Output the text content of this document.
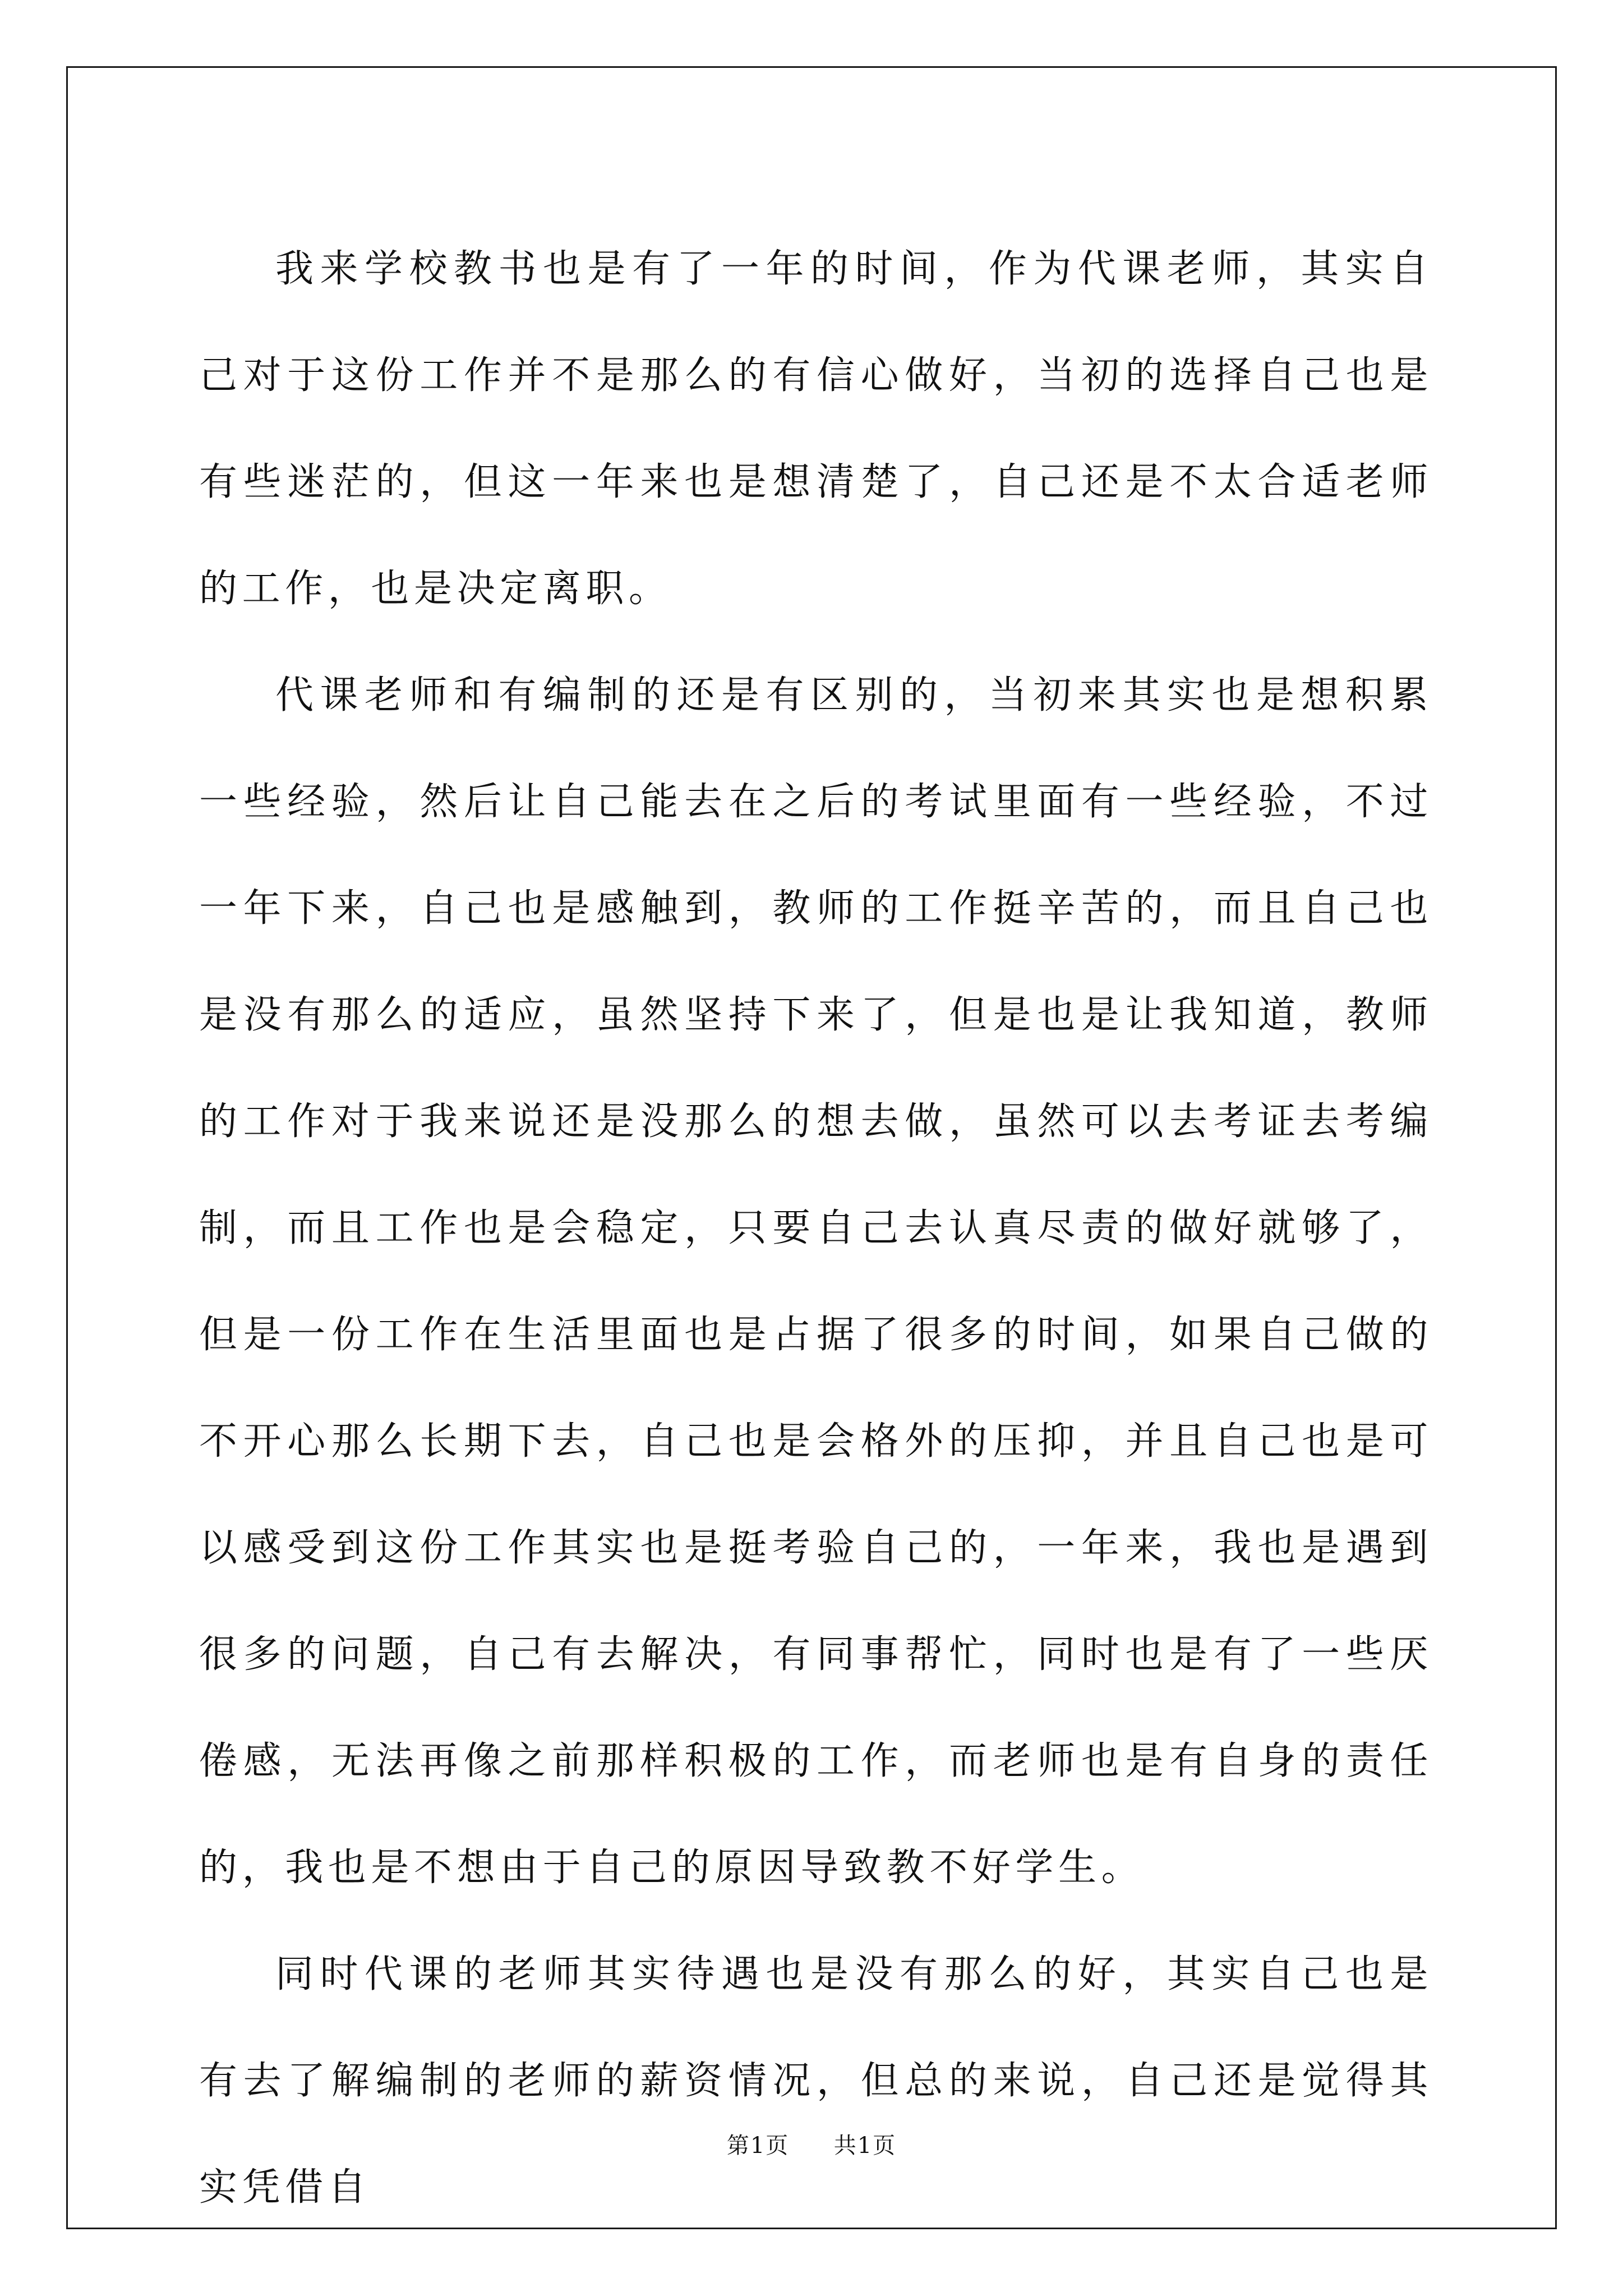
我来学校教书也是有了一年的时间，作为代课老师，其实自己对于这份工作并不是那么的有信心做好，当初的选择自己也是有些迷茫的，但这一年来也是想清楚了，自己还是不太合适老师的工作，也是决定离职。

代课老师和有编制的还是有区别的，当初来其实也是想积累一些经验，然后让自己能去在之后的考试里面有一些经验，不过一年下来，自己也是感触到，教师的工作挺辛苦的，而且自己也是没有那么的适应，虽然坚持下来了，但是也是让我知道，教师的工作对于我来说还是没那么的想去做，虽然可以去考证去考编制，而且工作也是会稳定，只要自己去认真尽责的做好就够了，但是一份工作在生活里面也是占据了很多的时间，如果自己做的不开心那么长期下去，自己也是会格外的压抑，并且自己也是可以感受到这份工作其实也是挺考验自己的，一年来，我也是遇到很多的问题，自己有去解决，有同事帮忙，同时也是有了一些厌倦感，无法再像之前那样积极的工作，而老师也是有自身的责任的，我也是不想由于自己的原因导致教不好学生。

同时代课的老师其实待遇也是没有那么的好，其实自己也是有去了解编制的老师的薪资情况，但总的来说，自己还是觉得其实凭借自

第1页 共1页
